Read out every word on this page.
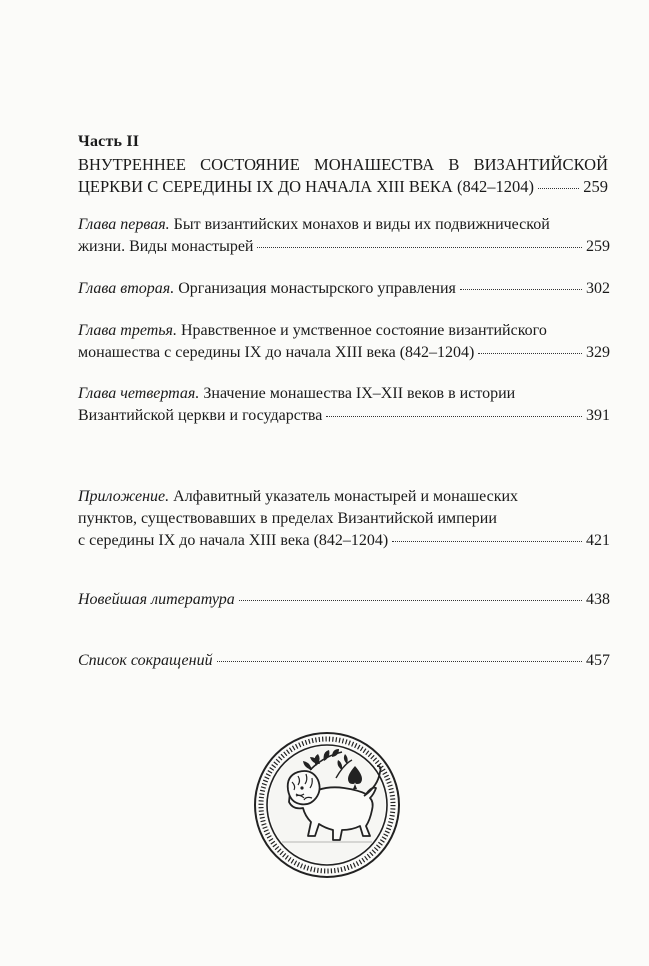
Часть II
ВНУТРЕННЕЕ СОСТОЯНИЕ МОНАШЕСТВА В ВИЗАНТИЙСКОЙ
ЦЕРКВИ С СЕРЕДИНЫ IX ДО НАЧАЛА XIII ВЕКА (842–1204)	259
Глава первая. Быт византийских монахов и виды их подвижнической
жизни. Виды монастырей	259
Глава вторая. Организация монастырского управления	302
Глава третья. Нравственное и умственное состояние византийского
монашества с середины IX до начала XIII века (842–1204)	329
Глава четвертая. Значение монашества IX–XII веков в истории
Византийской церкви и государства	391
Приложение. Алфавитный указатель монастырей и монашеских
пунктов, существовавших в пределах Византийской империи
с середины IX до начала XIII века (842–1204)	421
Новейшая литература	438
Список сокращений	457
